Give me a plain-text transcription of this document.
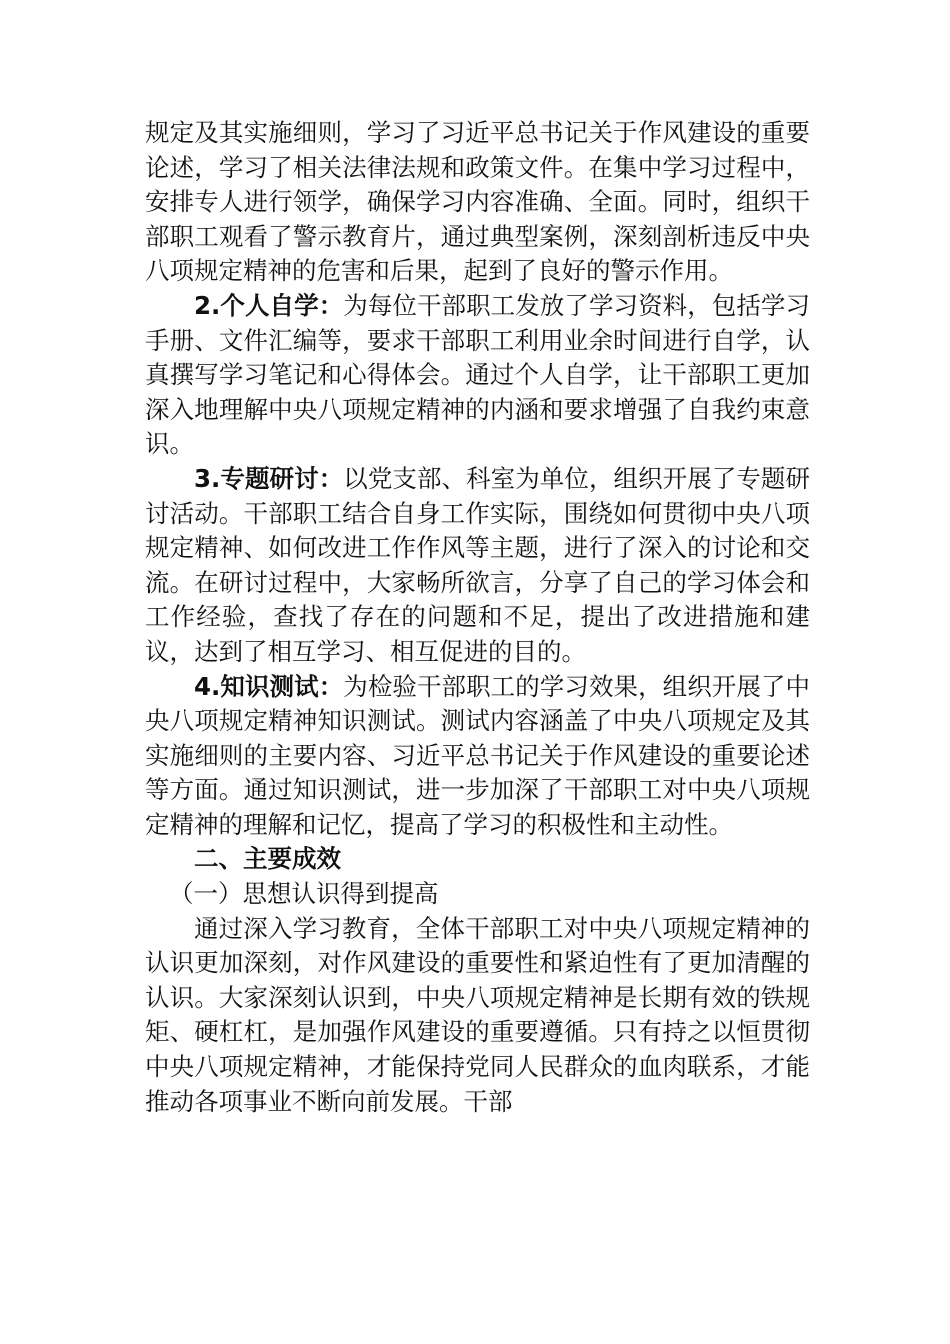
规定及其实施细则，学习了习近平总书记关于作风建设的重要论述，学习了相关法律法规和政策文件。在集中学习过程中，安排专人进行领学，确保学习内容准确、全面。同时，组织干部职工观看了警示教育片，通过典型案例，深刻剖析违反中央八项规定精神的危害和后果，起到了良好的警示作用。

2.个人自学：为每位干部职工发放了学习资料，包括学习手册、文件汇编等，要求干部职工利用业余时间进行自学，认真撰写学习笔记和心得体会。通过个人自学，让干部职工更加深入地理解中央八项规定精神的内涵和要求增强了自我约束意识。

3.专题研讨：以党支部、科室为单位，组织开展了专题研讨活动。干部职工结合自身工作实际，围绕如何贯彻中央八项规定精神、如何改进工作作风等主题，进行了深入的讨论和交流。在研讨过程中，大家畅所欲言，分享了自己的学习体会和工作经验，查找了存在的问题和不足，提出了改进措施和建议，达到了相互学习、相互促进的目的。

4.知识测试：为检验干部职工的学习效果，组织开展了中央八项规定精神知识测试。测试内容涵盖了中央八项规定及其实施细则的主要内容、习近平总书记关于作风建设的重要论述等方面。通过知识测试，进一步加深了干部职工对中央八项规定精神的理解和记忆，提高了学习的积极性和主动性。

二、主要成效

（一）思想认识得到提高

通过深入学习教育，全体干部职工对中央八项规定精神的认识更加深刻，对作风建设的重要性和紧迫性有了更加清醒的认识。大家深刻认识到，中央八项规定精神是长期有效的铁规矩、硬杠杠，是加强作风建设的重要遵循。只有持之以恒贯彻中央八项规定精神，才能保持党同人民群众的血肉联系，才能推动各项事业不断向前发展。干部
